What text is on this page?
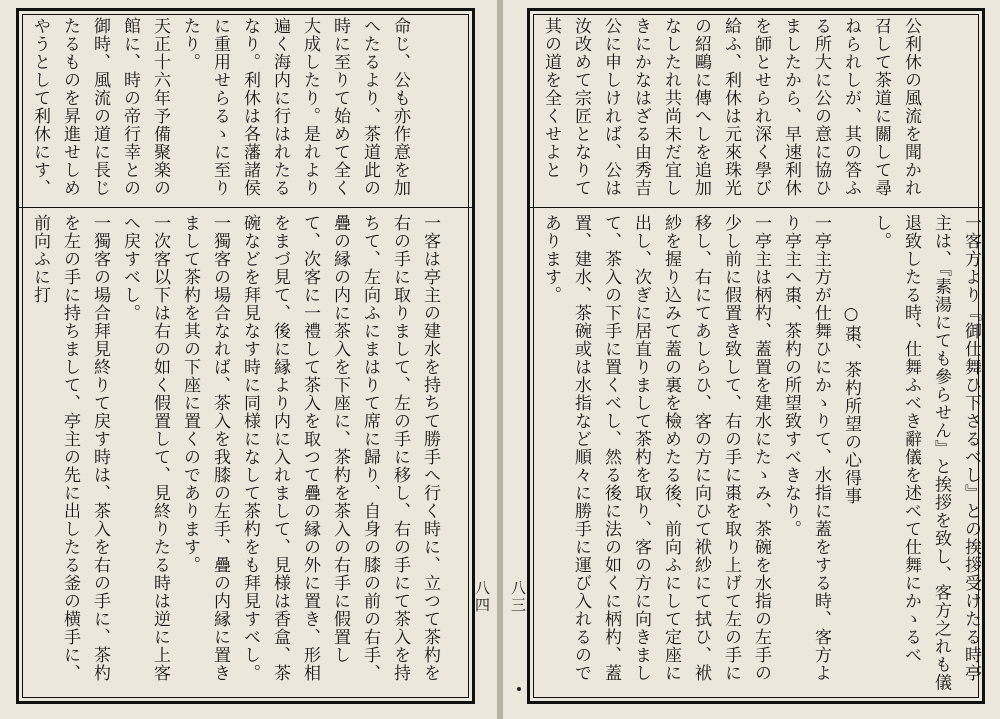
命じ、公も亦作意を加へたるより、茶道此の時に至りて始めて全く大成したり。是れより遍く海内に行はれたるなり。利休は各藩諸侯に重用せらるゝに至りたり。
天正十六年予備聚楽の館に、時の帝行幸との御時、風流の道に長じたるものを昇進せしめやうとして利休にす、

一客は亭主の建水を持ちて勝手へ行く時に、立つて茶杓を右の手に取りまして、左の手に移し、右の手にて茶入を持ちて、左向ふにまはりて席に歸り、自身の膝の前の右手、疊の縁の内に茶入を下座に、茶杓を茶入の右手に假置して、次客に一禮して茶入を取つて疊の縁の外に置き、形相をまづ見て、後に縁より内に入れまして、見様は香盒、茶碗などを拜見なす時に同様になして茶杓をも拜見すべし。
一獨客の場合なれば、茶入を我膝の左手、疊の内縁に置きまして茶杓を其の下座に置くのであります。
一次客以下は右の如く假置して、見終りたる時は逆に上客へ戻すべし。
一獨客の場合拜見終りて戻す時は、茶入を右の手に、茶杓を左の手に持ちまして、亭主の先に出したる釜の横手に、前向ふに打

八四

公利休の風流を聞かれ召して茶道に關して尋ねられしが、其の答ふる所大に公の意に協ひましたから、早速利休を師とせられ深く學び給ふ、利休は元來珠光の紹鷗に傳へしを追加なしたれ共尚未だ宜しきにかなはざる由秀吉公に申しければ、公は汝改めて宗匠となりて其の道を全くせよと

一客方より『御仕舞ひ下さるべし』との挨拶受けたる時亭主は、『素湯にても參らせん』と挨拶を致し、客方之れも儀退致したる時、仕舞ふべき辭儀を述べて仕舞にかゝるべし。
　　　　　○棗、茶杓所望の心得事
一亭主方が仕舞ひにかゝりて、水指に蓋をする時、客方より亭主へ棗、茶杓の所望致すべきなり。
一亭主は柄杓、蓋置を建水にたゝみ、茶碗を水指の左手の少し前に假置き致して、右の手に棗を取り上げて左の手に移し、右にてあしらひ、客の方に向ひて袱紗にて拭ひ、袱紗を握り込みて蓋の裏を檢めたる後、前向ふにして定座に出し、次ぎに居直りまして茶杓を取り、客の方に向きまして、茶入の下手に置くべし、然る後に法の如くに柄杓、蓋置、建水、茶碗或は水指など順々に勝手に運び入れるのであります。

八三
